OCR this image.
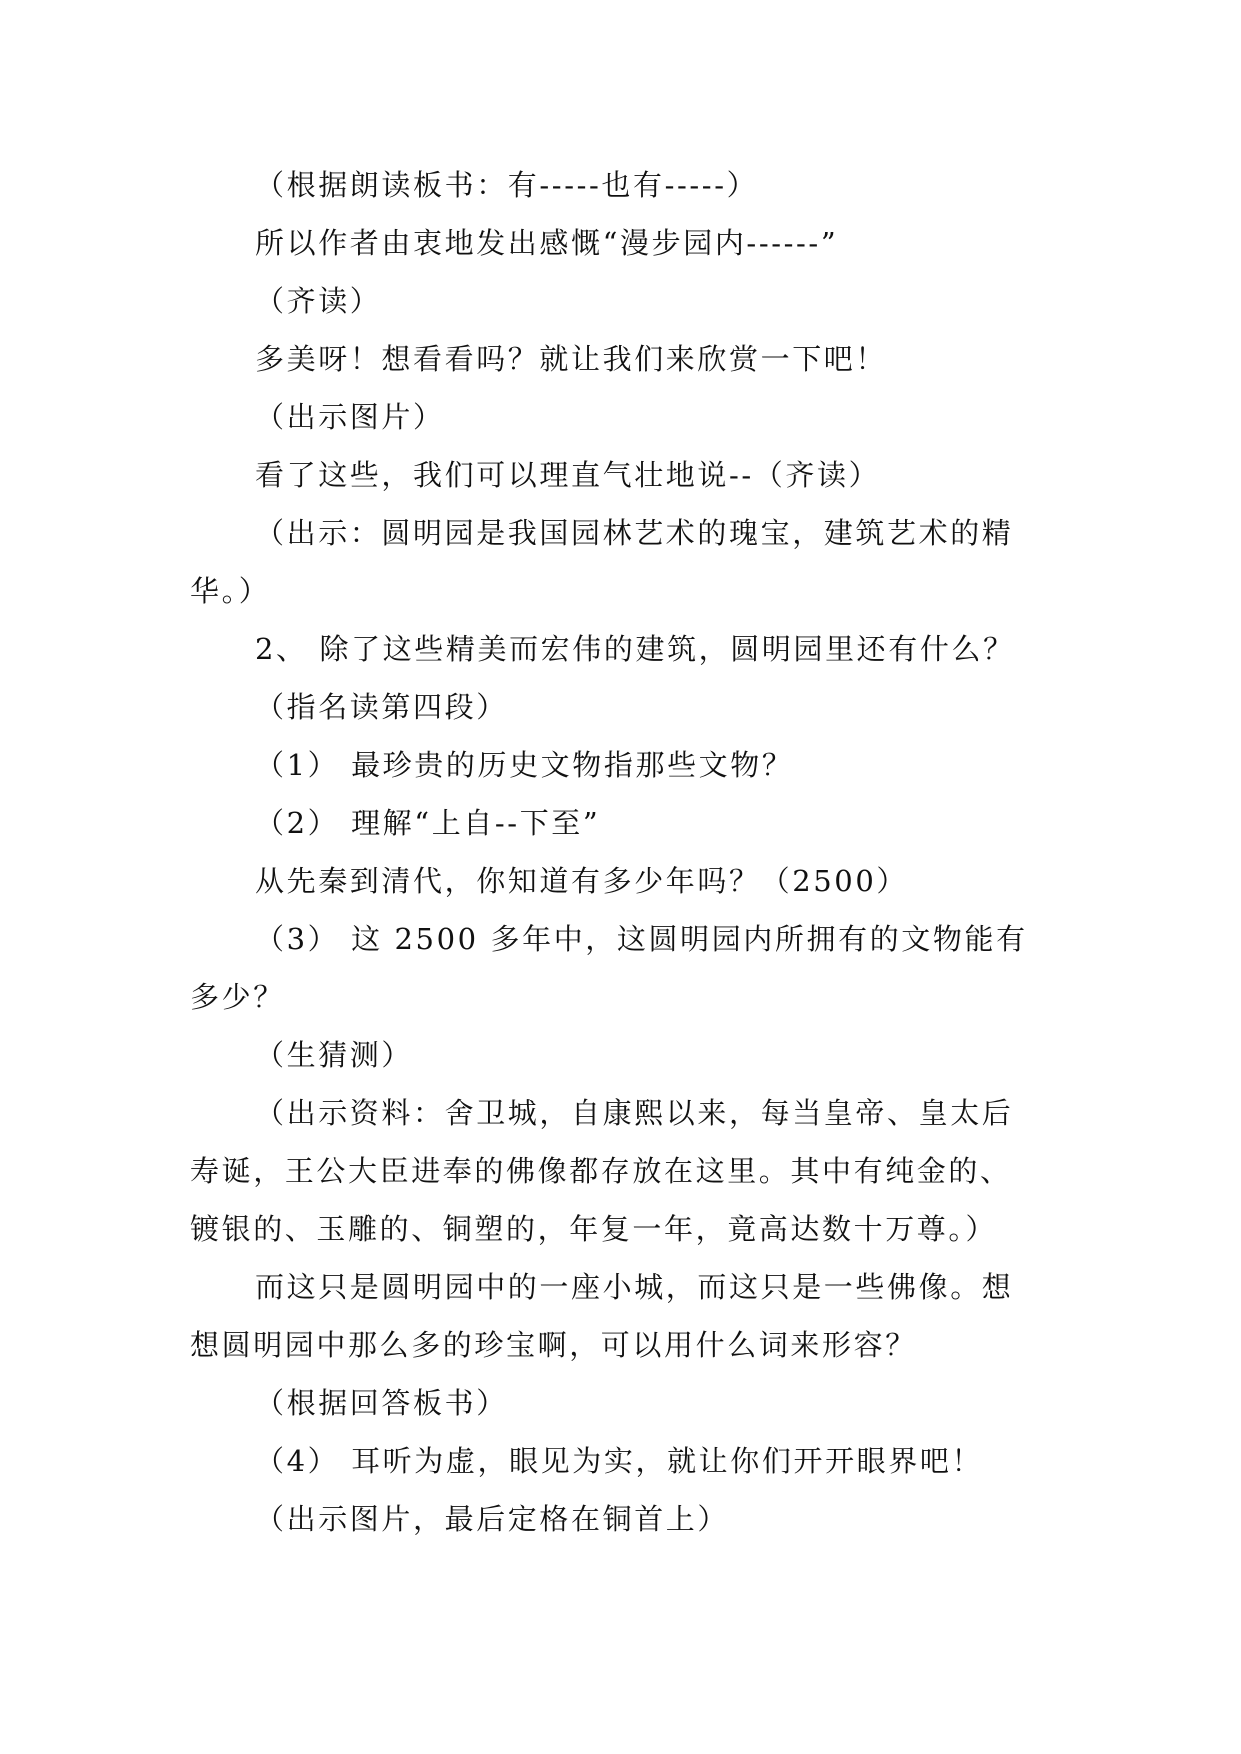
（根据朗读板书：有-----也有-----）
所以作者由衷地发出感慨“漫步园内------”
（齐读）
多美呀！想看看吗？就让我们来欣赏一下吧！
（出示图片）
看了这些，我们可以理直气壮地说--（齐读）
（出示：圆明园是我国园林艺术的瑰宝，建筑艺术的精
华。）
2、 除了这些精美而宏伟的建筑，圆明园里还有什么？
（指名读第四段）
（1） 最珍贵的历史文物指那些文物？
（2） 理解“上自--下至”
从先秦到清代，你知道有多少年吗？（2500）
（3） 这 2500 多年中，这圆明园内所拥有的文物能有
多少？
（生猜测）
（出示资料：舍卫城，自康熙以来，每当皇帝、皇太后
寿诞，王公大臣进奉的佛像都存放在这里。其中有纯金的、
镀银的、玉雕的、铜塑的，年复一年，竟高达数十万尊。）
而这只是圆明园中的一座小城，而这只是一些佛像。想
想圆明园中那么多的珍宝啊，可以用什么词来形容？
（根据回答板书）
（4） 耳听为虚，眼见为实，就让你们开开眼界吧！
（出示图片，最后定格在铜首上）
